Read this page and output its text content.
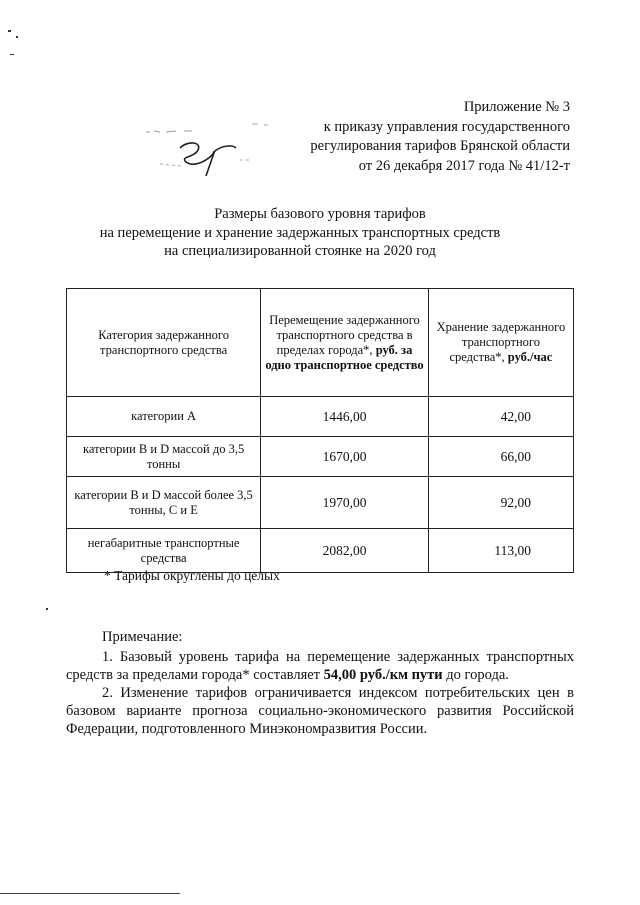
Приложение № 3
к приказу управления государственного
регулирования тарифов Брянской области
от 26 декабря 2017 года № 41/12-т
Размеры базового уровня тарифов
на перемещение и хранение задержанных транспортных средств
на специализированной стоянке на 2020 год
Категория задержанного транспортного средства	Перемещение задержанного транспортного средства в пределах города*, руб. за одно транспортное средство	Хранение задержанного транспортного средства*, руб./час
категории А	1446,00	42,00
категории В и D массой до 3,5 тонны	1670,00	66,00
категории В и D массой более 3,5 тонны, С и Е	1970,00	92,00
негабаритные транспортные средства	2082,00	113,00
* Тарифы округлены до целых
Примечание:

1. Базовый уровень тарифа на перемещение задержанных транспортных средств за пределами города* составляет 54,00 руб./км пути до города.

2. Изменение тарифов ограничивается индексом потребительских цен в базовом варианте прогноза социально-экономического развития Российской Федерации, подготовленного Минэкономразвития России.
